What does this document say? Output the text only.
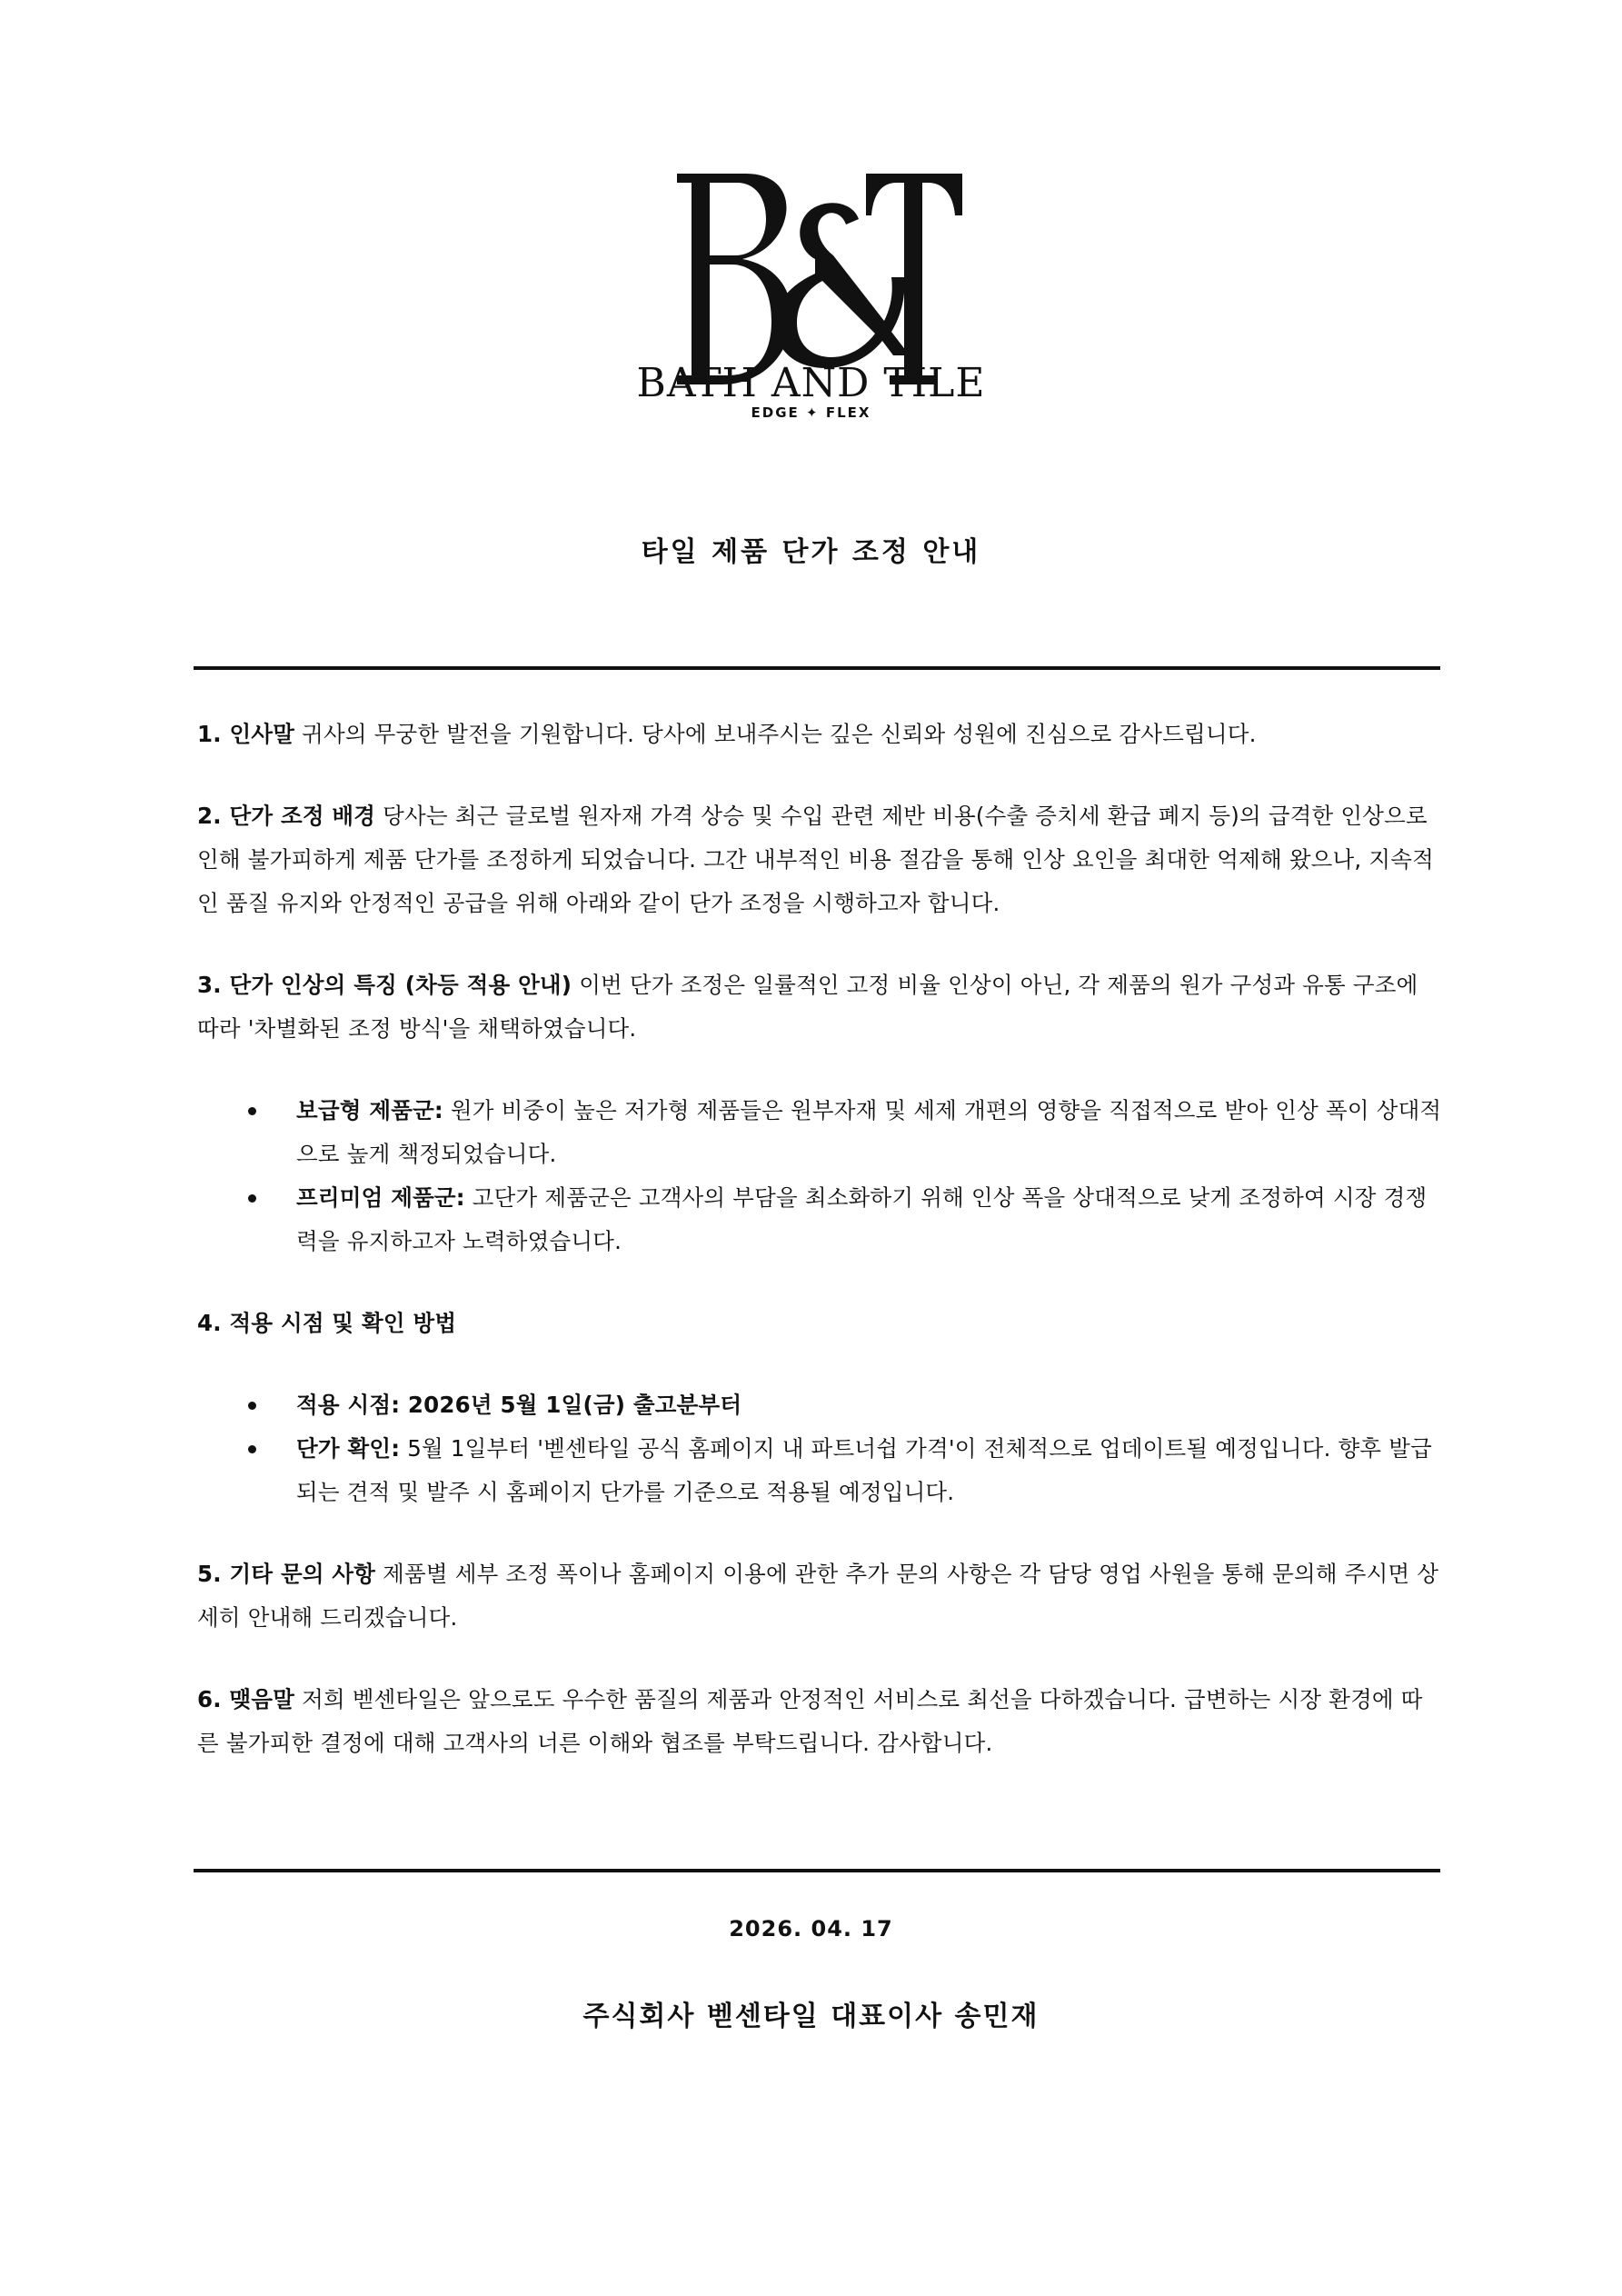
BATH AND TILE
EDGE ✦ FLEX
타일 제품 단가 조정 안내

1. 인사말 귀사의 무궁한 발전을 기원합니다. 당사에 보내주시는 깊은 신뢰와 성원에 진심으로 감사드립니다.

2. 단가 조정 배경 당사는 최근 글로벌 원자재 가격 상승 및 수입 관련 제반 비용(수출 증치세 환급 폐지 등)의 급격한 인상으로 인해 불가피하게 제품 단가를 조정하게 되었습니다. 그간 내부적인 비용 절감을 통해 인상 요인을 최대한 억제해 왔으나, 지속적인 품질 유지와 안정적인 공급을 위해 아래와 같이 단가 조정을 시행하고자 합니다.

3. 단가 인상의 특징 (차등 적용 안내) 이번 단가 조정은 일률적인 고정 비율 인상이 아닌, 각 제품의 원가 구성과 유통 구조에 따라 '차별화된 조정 방식'을 채택하였습니다.

보급형 제품군: 원가 비중이 높은 저가형 제품들은 원부자재 및 세제 개편의 영향을 직접적으로 받아 인상 폭이 상대적으로 높게 책정되었습니다.
프리미엄 제품군: 고단가 제품군은 고객사의 부담을 최소화하기 위해 인상 폭을 상대적으로 낮게 조정하여 시장 경쟁력을 유지하고자 노력하였습니다.

4. 적용 시점 및 확인 방법

적용 시점: 2026년 5월 1일(금) 출고분부터
단가 확인: 5월 1일부터 '벧센타일 공식 홈페이지 내 파트너쉽 가격'이 전체적으로 업데이트될 예정입니다. 향후 발급되는 견적 및 발주 시 홈페이지 단가를 기준으로 적용될 예정입니다.

5. 기타 문의 사항 제품별 세부 조정 폭이나 홈페이지 이용에 관한 추가 문의 사항은 각 담당 영업 사원을 통해 문의해 주시면 상세히 안내해 드리겠습니다.

6. 맺음말 저희 벧센타일은 앞으로도 우수한 품질의 제품과 안정적인 서비스로 최선을 다하겠습니다. 급변하는 시장 환경에 따른 불가피한 결정에 대해 고객사의 너른 이해와 협조를 부탁드립니다. 감사합니다.

2026. 04. 17
주식회사 벧센타일 대표이사 송민재
